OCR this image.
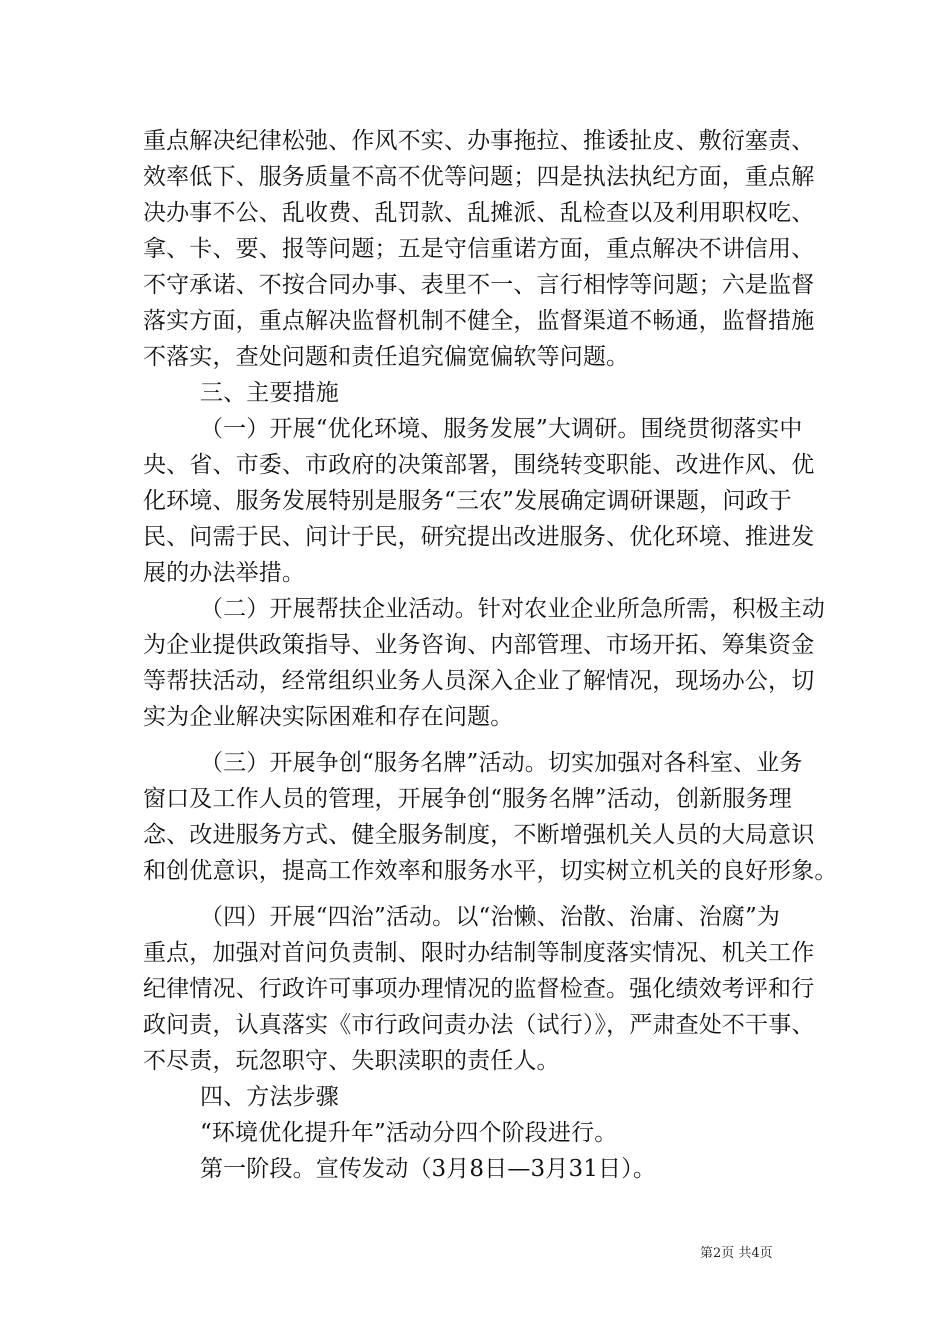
重点解决纪律松弛、作风不实、办事拖拉、推诿扯皮、敷衍塞责、
效率低下、服务质量不高不优等问题；四是执法执纪方面，重点解
决办事不公、乱收费、乱罚款、乱摊派、乱检查以及利用职权吃、
拿、卡、要、报等问题；五是守信重诺方面，重点解决不讲信用、
不守承诺、不按合同办事、表里不一、言行相悖等问题；六是监督
落实方面，重点解决监督机制不健全，监督渠道不畅通，监督措施
不落实，查处问题和责任追究偏宽偏软等问题。
三、主要措施
（一）开展“优化环境、服务发展”大调研。围绕贯彻落实中
央、省、市委、市政府的决策部署，围绕转变职能、改进作风、优
化环境、服务发展特别是服务“三农”发展确定调研课题，问政于
民、问需于民、问计于民，研究提出改进服务、优化环境、推进发
展的办法举措。
（二）开展帮扶企业活动。针对农业企业所急所需，积极主动
为企业提供政策指导、业务咨询、内部管理、市场开拓、筹集资金
等帮扶活动，经常组织业务人员深入企业了解情况，现场办公，切
实为企业解决实际困难和存在问题。
（三）开展争创“服务名牌”活动。切实加强对各科室、业务
窗口及工作人员的管理，开展争创“服务名牌”活动，创新服务理
念、改进服务方式、健全服务制度，不断增强机关人员的大局意识
和创优意识，提高工作效率和服务水平，切实树立机关的良好形象。
（四）开展“四治”活动。以“治懒、治散、治庸、治腐”为
重点，加强对首问负责制、限时办结制等制度落实情况、机关工作
纪律情况、行政许可事项办理情况的监督检查。强化绩效考评和行
政问责，认真落实《市行政问责办法（试行）》，严肃查处不干事、
不尽责，玩忽职守、失职渎职的责任人。
四、方法步骤
“环境优化提升年”活动分四个阶段进行。
第一阶段。宣传发动（3月8日—3月31日）。
第2页 共4页
